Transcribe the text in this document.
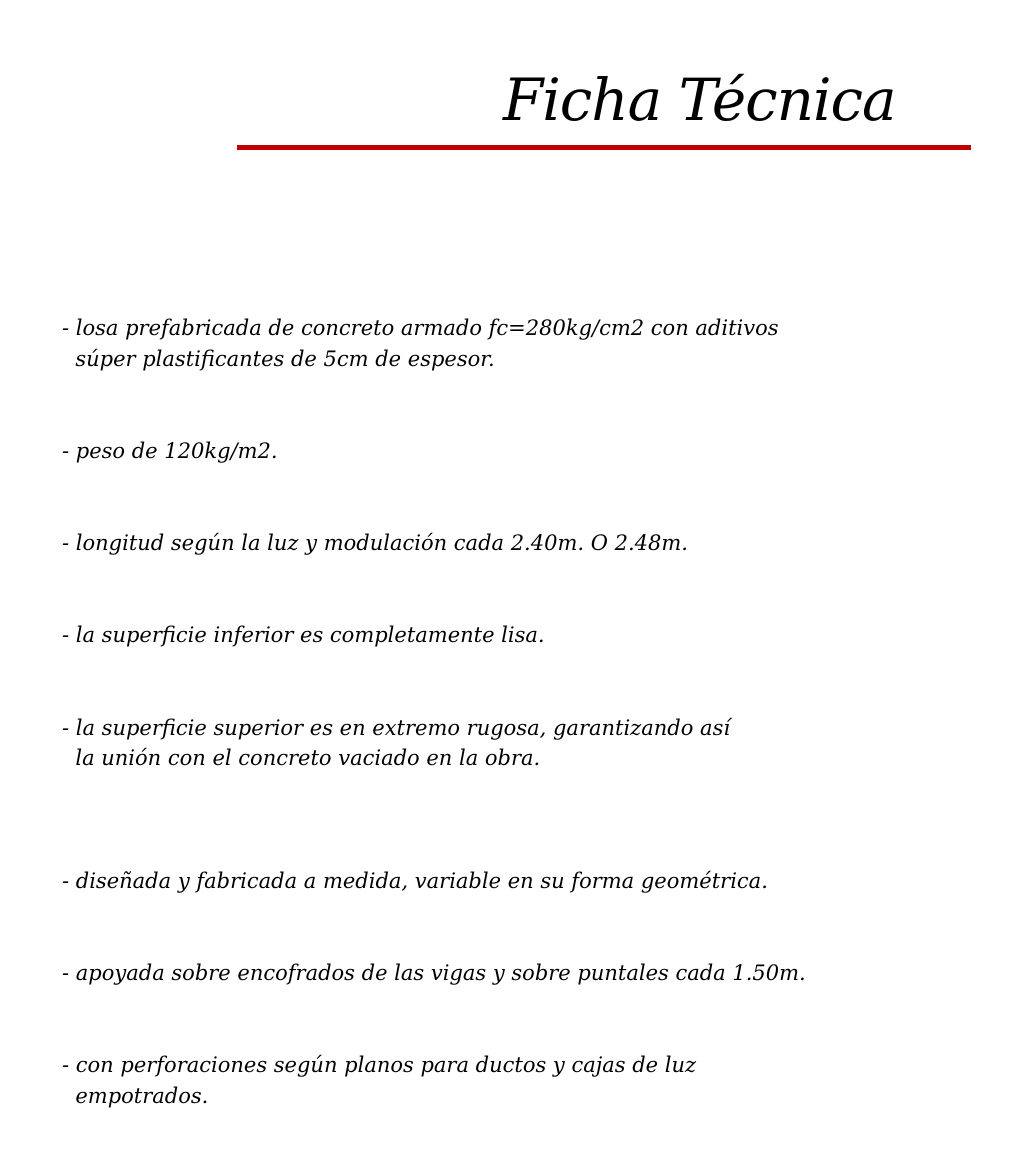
Ficha Técnica

- losa prefabricada de concreto armado fc=280kg/cm2 con aditivos
súper plastificantes de 5cm de espesor.

- peso de 120kg/m2.

- longitud según la luz y modulación cada 2.40m. O 2.48m.

- la superficie inferior es completamente lisa.

- la superficie superior es en extremo rugosa, garantizando así
la unión con el concreto vaciado en la obra.

- diseñada y fabricada a medida, variable en su forma geométrica.

- apoyada sobre encofrados de las vigas y sobre puntales cada 1.50m.

- con perforaciones según planos para ductos y cajas de luz
empotrados.
